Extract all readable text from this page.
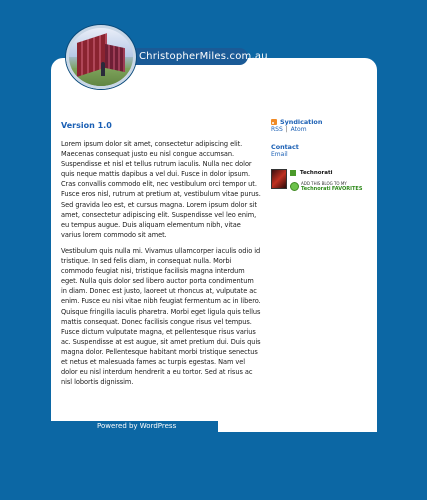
ChristopherMiles.com.au
Version 1.0

Lorem ipsum dolor sit amet, consectetur adipiscing elit. Maecenas consequat justo eu nisl congue accumsan. Suspendisse et nisl et tellus rutrum iaculis. Nulla nec dolor quis neque mattis dapibus a vel dui. Fusce in dolor ipsum. Cras convallis commodo elit, nec vestibulum orci tempor ut. Fusce eros nisl, rutrum at pretium at, vestibulum vitae purus. Sed gravida leo est, et cursus magna. Lorem ipsum dolor sit amet, consectetur adipiscing elit. Suspendisse vel leo enim, eu tempus augue. Duis aliquam elementum nibh, vitae varius lorem commodo sit amet.

Vestibulum quis nulla mi. Vivamus ullamcorper iaculis odio id tristique. In sed felis diam, in consequat nulla. Morbi commodo feugiat nisi, tristique facilisis magna interdum eget. Nulla quis dolor sed libero auctor porta condimentum in diam. Donec est justo, laoreet ut rhoncus at, vulputate ac enim. Fusce eu nisi vitae nibh feugiat fermentum ac in libero. Quisque fringilla iaculis pharetra. Morbi eget ligula quis tellus mattis consequat. Donec facilisis congue risus vel tempus. Fusce dictum vulputate magna, et pellentesque risus varius ac. Suspendisse at est augue, sit amet pretium dui. Duis quis magna dolor. Pellentesque habitant morbi tristique senectus et netus et malesuada fames ac turpis egestas. Nam vel dolor eu nisl interdum hendrerit a eu tortor. Sed at risus ac nisl lobortis dignissim.

Syndication
RSS | Atom
Contact
Email
Technorati
ADD THIS BLOG TO MY
Technorati FAVORITES
Powered by WordPress
